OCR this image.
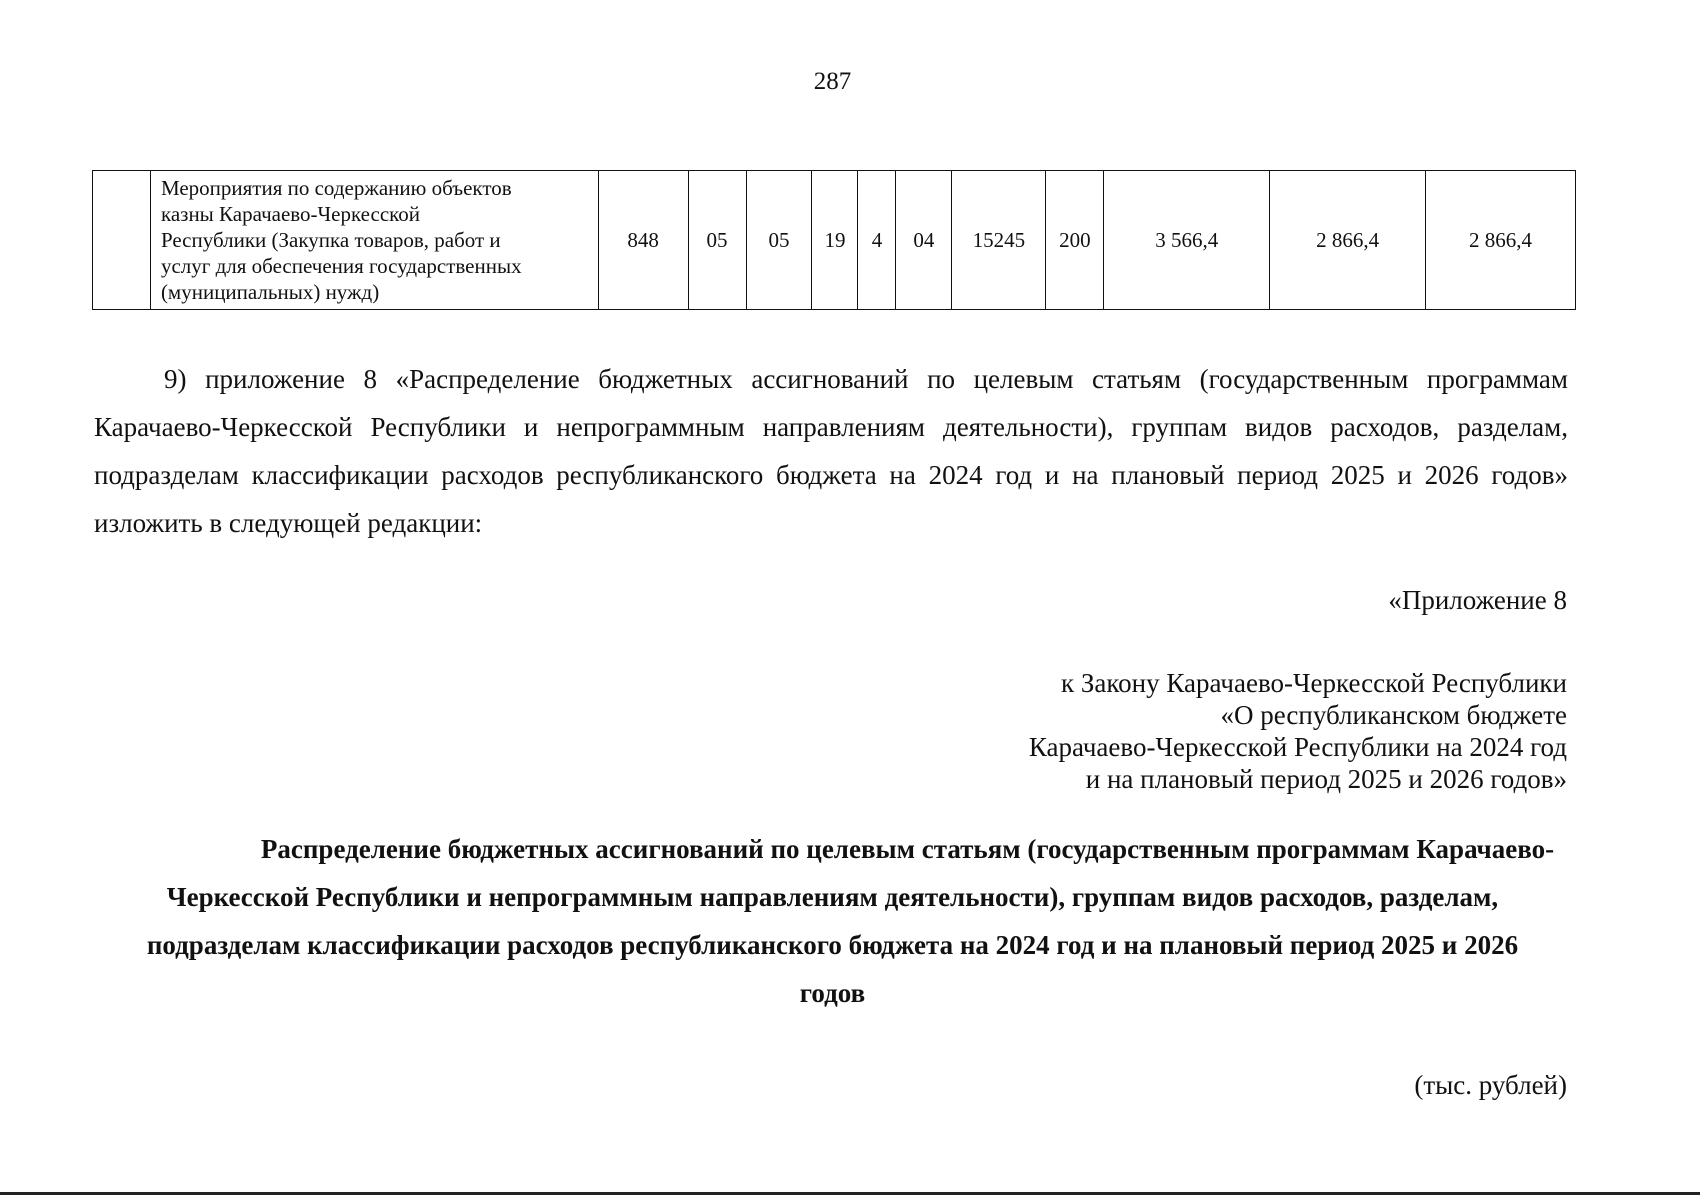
287

Мероприятия по содержанию объектов
казны Карачаево-Черкесской
Республики (Закупка товаров, работ и
услуг для обеспечения государственных
(муниципальных) нужд)
	848	05	05	19	4	04	15245	200	3 566,4	2 866,4	2 866,4

9) приложение 8 «Распределение бюджетных ассигнований по целевым статьям (государственным программам Карачаево-Черкесской Республики и непрограммным направлениям деятельности), группам видов расходов, разделам, подразделам классификации расходов республиканского бюджета на 2024 год и на плановый период 2025 и 2026 годов» изложить в следующей редакции:

«Приложение 8
к Закону Карачаево-Черкесской Республики
«О республиканском бюджете
Карачаево-Черкесской Республики на 2024 год
и на плановый период 2025 и 2026 годов»
Распределение бюджетных ассигнований по целевым статьям (государственным программам Карачаево-
Черкесской Республики и непрограммным направлениям деятельности), группам видов расходов, разделам,
подразделам классификации расходов республиканского бюджета на 2024 год и на плановый период 2025 и 2026
годов
(тыс. рублей)
